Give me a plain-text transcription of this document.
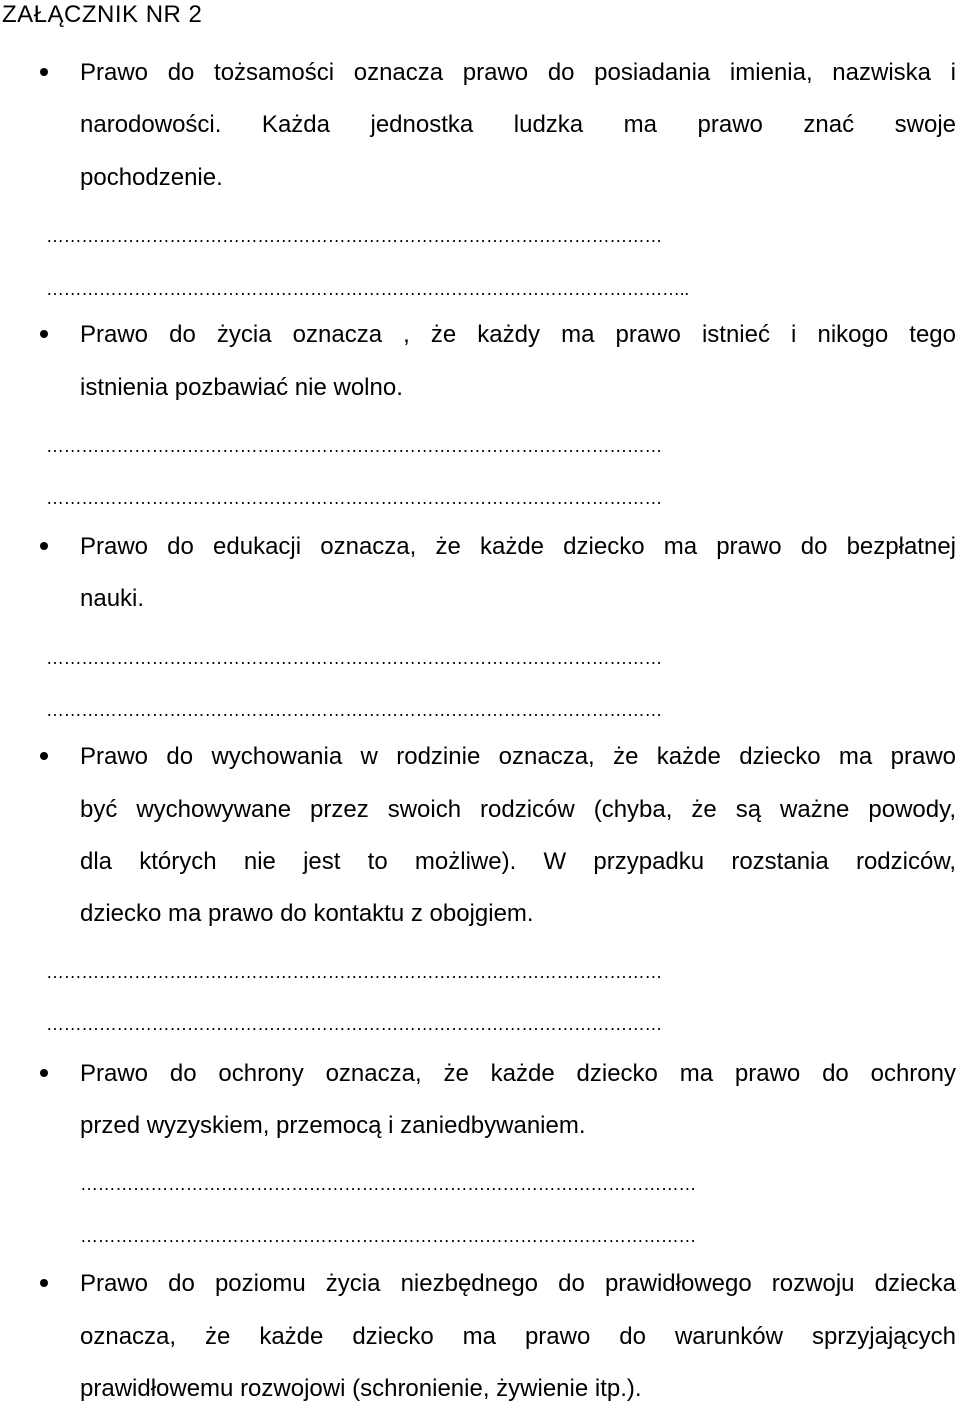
ZAŁĄCZNIK NR 2
Prawo do tożsamości oznacza prawo do posiadania imienia, nazwiska i
narodowości. Każda jednostka ludzka ma prawo znać swoje
pochodzenie.
……………………………………………………………………………………………
………………………………………………………………………………………………..
Prawo do życia oznacza , że każdy ma prawo istnieć i nikogo tego
istnienia pozbawiać nie wolno.
……………………………………………………………………………………………
……………………………………………………………………………………………
Prawo do edukacji oznacza, że każde dziecko ma prawo do bezpłatnej
nauki.
……………………………………………………………………………………………
……………………………………………………………………………………………
Prawo do wychowania w rodzinie oznacza, że każde dziecko ma prawo
być wychowywane przez swoich rodziców (chyba, że są ważne powody,
dla których nie jest to możliwe). W przypadku rozstania rodziców,
dziecko ma prawo do kontaktu z obojgiem.
……………………………………………………………………………………………
……………………………………………………………………………………………
Prawo do ochrony oznacza, że każde dziecko ma prawo do ochrony
przed wyzyskiem, przemocą i zaniedbywaniem.
……………………………………………………………………………………………
……………………………………………………………………………………………
Prawo do poziomu życia niezbędnego do prawidłowego rozwoju dziecka
oznacza, że każde dziecko ma prawo do warunków sprzyjających
prawidłowemu rozwojowi (schronienie, żywienie itp.).
